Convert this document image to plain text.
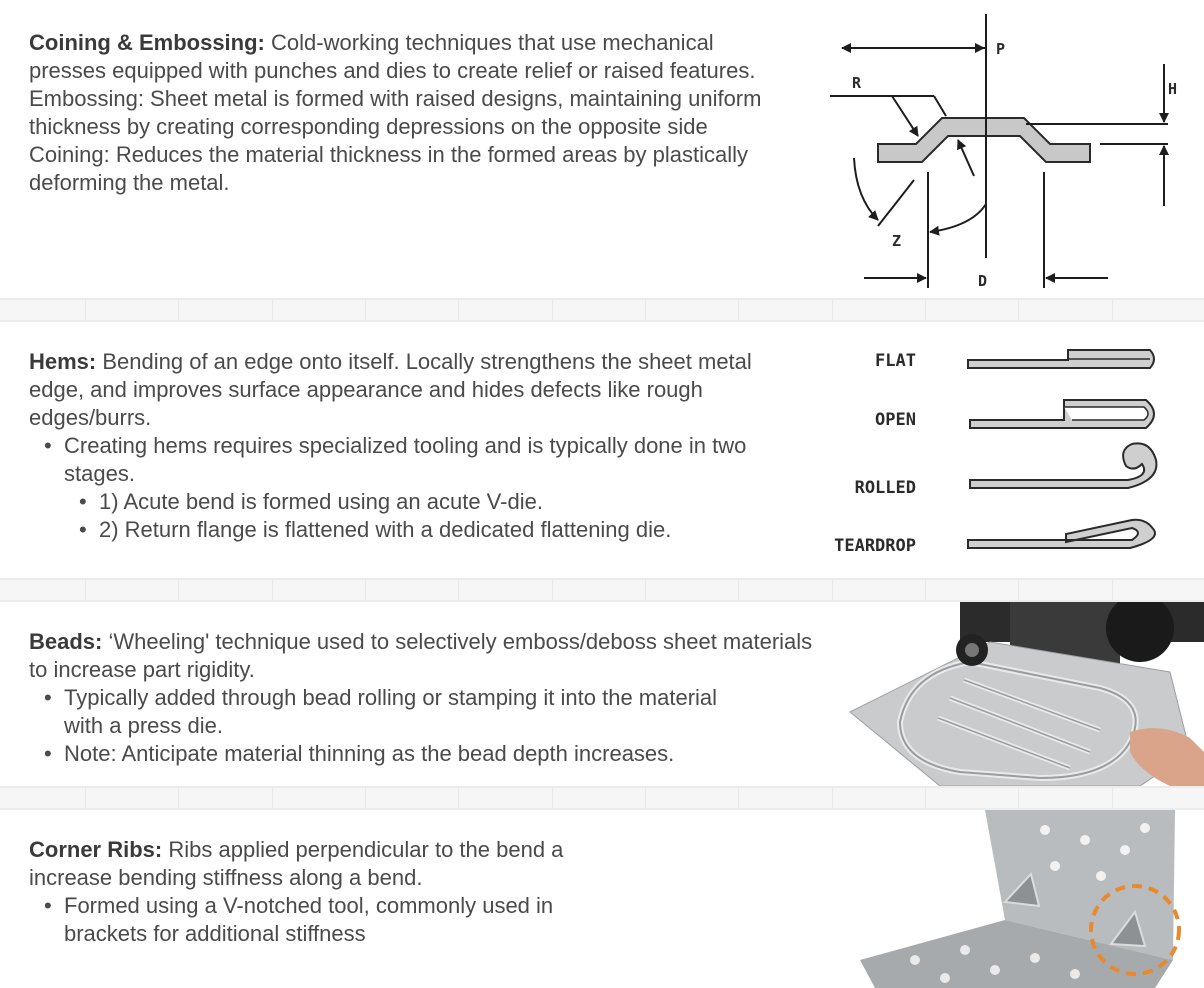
Coining & Embossing: Cold-working techniques that use mechanical presses equipped with punches and dies to create relief or raised features.

Embossing: Sheet metal is formed with raised designs, maintaining uniform thickness by creating corresponding depressions on the opposite side

Coining: Reduces the material thickness in the formed areas by plastically deforming the metal.

P
R	H
Z
D

Hems: Bending of an edge onto itself. Locally strengthens the sheet metal edge, and improves surface appearance and hides defects like rough edges/burrs.

• Creating hems requires specialized tooling and is typically done in two stages.
• 1) Acute bend is formed using an acute V-die.
• 2) Return flange is flattened with a dedicated flattening die.
FLAT
OPEN
ROLLED
TEARDROP

Beads: ‘Wheeling' technique used to selectively emboss/deboss sheet materials to increase part rigidity.

• Typically added through bead rolling or stamping it into the material with a press die.
• Note: Anticipate material thinning as the bead depth increases.

Corner Ribs: Ribs applied perpendicular to the bend a

increase bending stiffness along a bend.

• Formed using a V-notched tool, commonly used in
brackets for additional stiffness
